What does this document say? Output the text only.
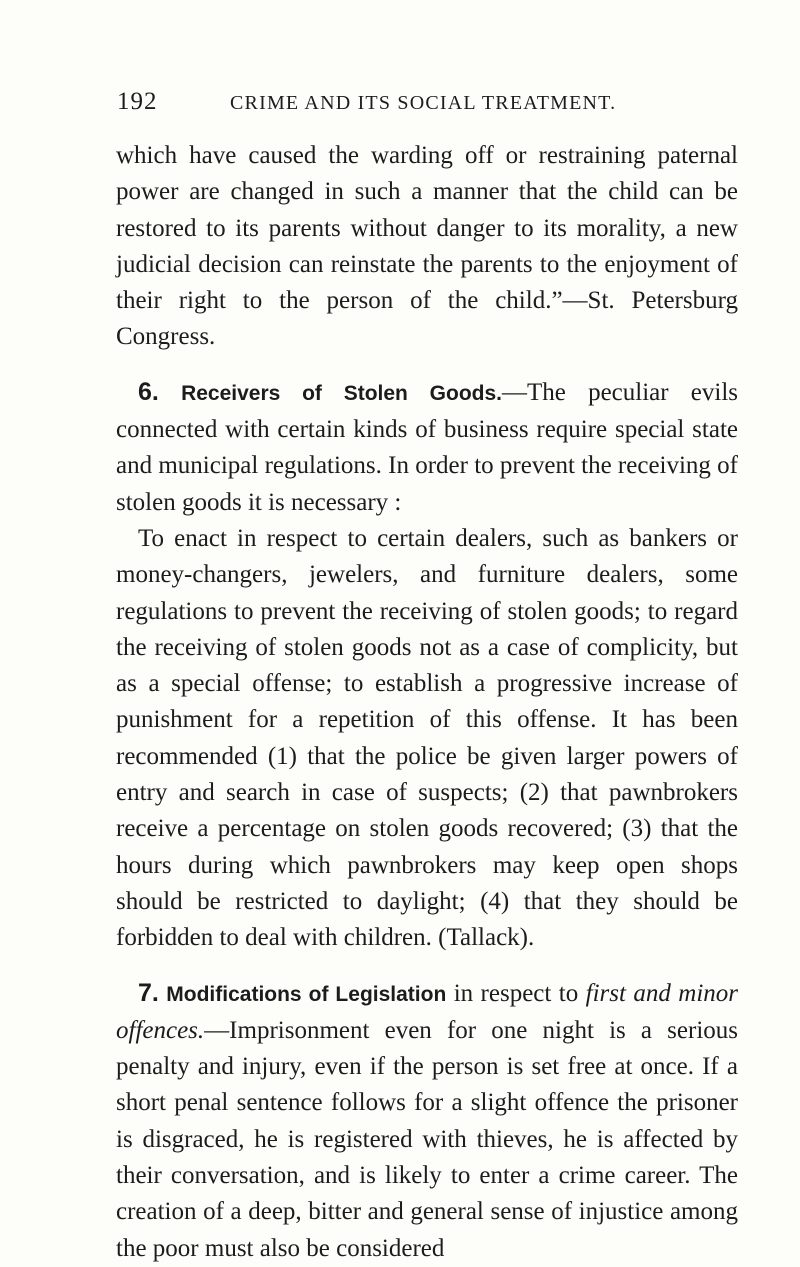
192	CRIME AND ITS SOCIAL TREATMENT.

which have caused the warding off or restraining paternal power are changed in such a manner that the child can be restored to its parents without danger to its morality, a new judicial decision can reinstate the parents to the enjoyment of their right to the person of the child.”—St. Petersburg Congress.

6. Receivers of Stolen Goods.—The peculiar evils connected with certain kinds of business require special state and municipal regulations. In order to prevent the receiving of stolen goods it is necessary :

To enact in respect to certain dealers, such as bankers or money-changers, jewelers, and furniture dealers, some regulations to prevent the receiving of stolen goods; to regard the receiving of stolen goods not as a case of complicity, but as a special offense; to establish a progressive increase of punishment for a repetition of this offense. It has been recommended (1) that the police be given larger powers of entry and search in case of suspects; (2) that pawnbrokers receive a percentage on stolen goods recovered; (3) that the hours during which pawnbrokers may keep open shops should be restricted to daylight; (4) that they should be forbidden to deal with children. (Tallack).

7. Modifications of Legislation in respect to first and minor offences.—Imprisonment even for one night is a serious penalty and injury, even if the person is set free at once. If a short penal sentence follows for a slight offence the prisoner is disgraced, he is registered with thieves, he is affected by their conversation, and is likely to enter a crime career. The creation of a deep, bitter and general sense of injustice among the poor must also be considered
